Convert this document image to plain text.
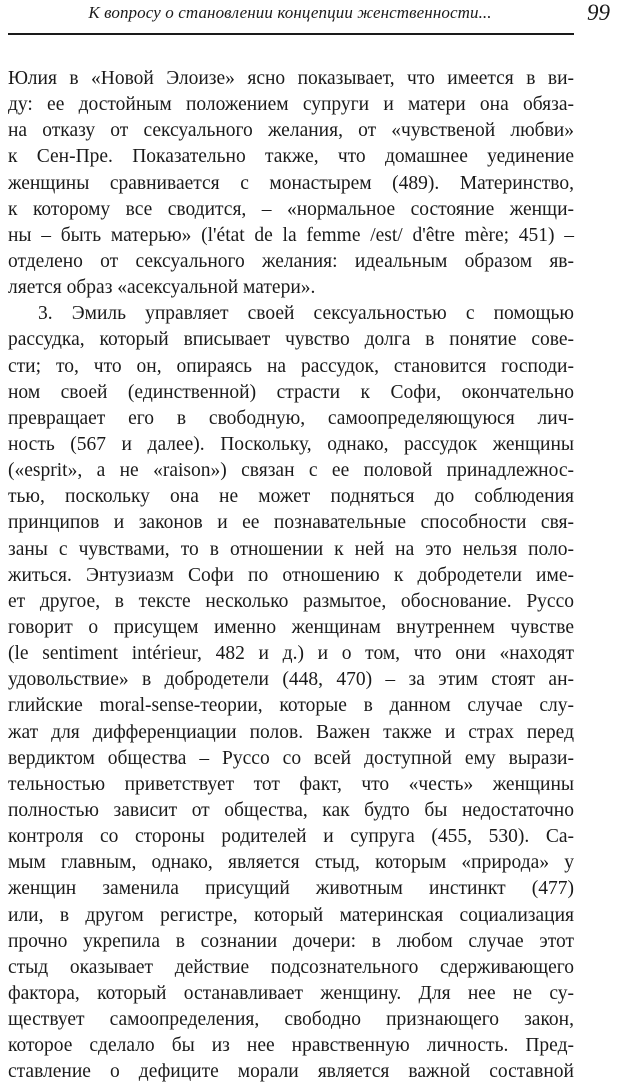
К вопросу о становлении концепции женственности...	99
Юлия в «Новой Элоизе» ясно показывает, что имеется в ви-
ду: ее достойным положением супруги и матери она обяза-
на отказу от сексуального желания, от «чувственой любви»
к Сен-Пре. Показательно также, что домашнее уединение
женщины сравнивается с монастырем (489). Материнство,
к которому все сводится, – «нормальное состояние женщи-
ны – быть матерью» (l'état de la femme /est/ d'être mère; 451) –
отделено от сексуального желания: идеальным образом яв-
ляется образ «асексуальной матери».
3. Эмиль управляет своей сексуальностью с помощью
рассудка, который вписывает чувство долга в понятие сове-
сти; то, что он, опираясь на рассудок, становится господи-
ном своей (единственной) страсти к Софи, окончательно
превращает его в свободную, самоопределяющуюся лич-
ность (567 и далее). Поскольку, однако, рассудок женщины
(«esprit», а не «raison») связан с ее половой принадлежнос-
тью, поскольку она не может подняться до соблюдения
принципов и законов и ее познавательные способности свя-
заны с чувствами, то в отношении к ней на это нельзя поло-
житься. Энтузиазм Софи по отношению к добродетели име-
ет другое, в тексте несколько размытое, обоснование. Руссо
говорит о присущем именно женщинам внутреннем чувстве
(le sentiment intérieur, 482 и д.) и о том, что они «находят
удовольствие» в добродетели (448, 470) – за этим стоят ан-
глийские moral-sense-теории, которые в данном случае слу-
жат для дифференциации полов. Важен также и страх перед
вердиктом общества – Руссо со всей доступной ему вырази-
тельностью приветствует тот факт, что «честь» женщины
полностью зависит от общества, как будто бы недостаточно
контроля со стороны родителей и супруга (455, 530). Са-
мым главным, однако, является стыд, которым «природа» у
женщин заменила присущий животным инстинкт (477)
или, в другом регистре, который материнская социализация
прочно укрепила в сознании дочери: в любом случае этот
стыд оказывает действие подсознательного сдерживающего
фактора, который останавливает женщину. Для нее не су-
ществует самоопределения, свободно признающего закон,
которое сделало бы из нее нравственную личность. Пред-
ставление о дефиците морали является важной составной
